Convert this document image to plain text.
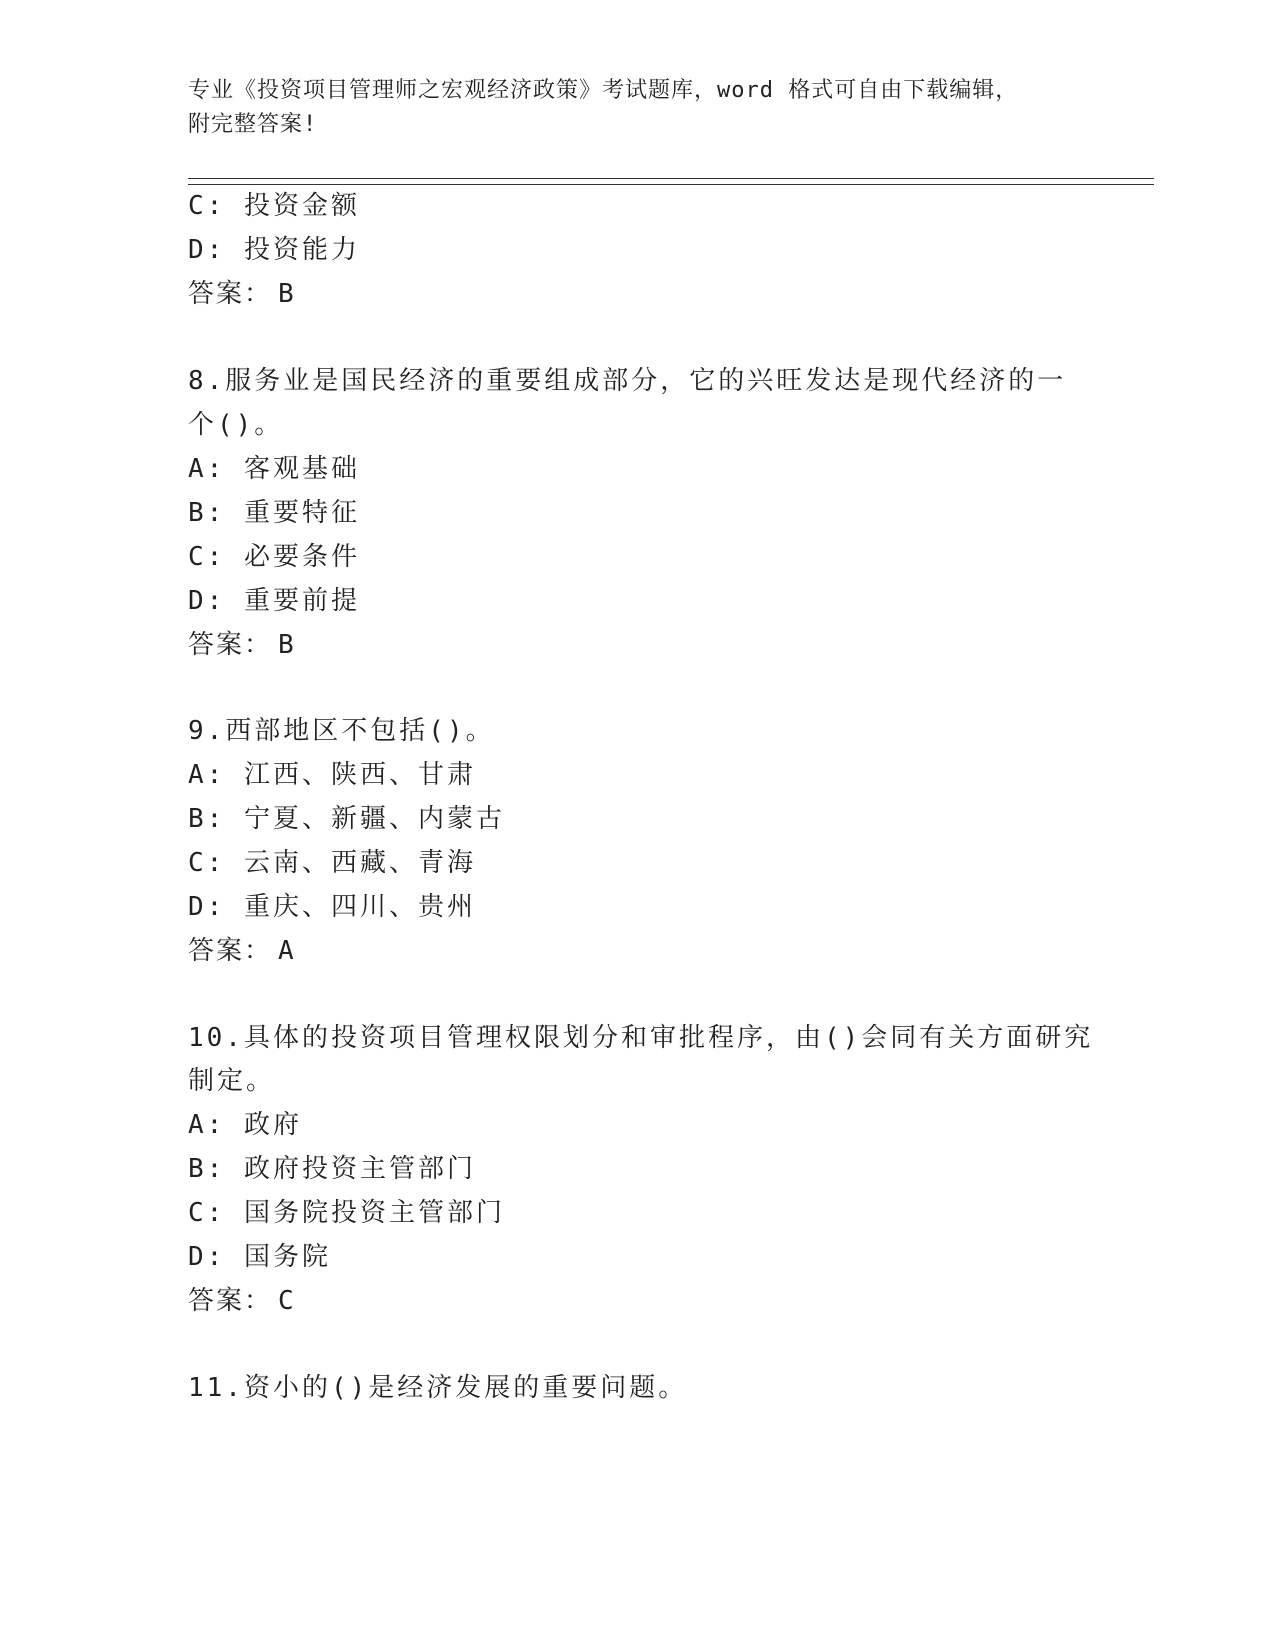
专业《投资项目管理师之宏观经济政策》考试题库，word 格式可自由下载编辑，
附完整答案!
C: 投资金额
D: 投资能力
答案： B
8.服务业是国民经济的重要组成部分，它的兴旺发达是现代经济的一
个()。
A: 客观基础
B: 重要特征
C: 必要条件
D: 重要前提
答案： B
9.西部地区不包括()。
A: 江西、陕西、甘肃
B: 宁夏、新疆、内蒙古
C: 云南、西藏、青海
D: 重庆、四川、贵州
答案： A
10.具体的投资项目管理权限划分和审批程序，由()会同有关方面研究
制定。
A: 政府
B: 政府投资主管部门
C: 国务院投资主管部门
D: 国务院
答案： C
11.资小的()是经济发展的重要问题。
